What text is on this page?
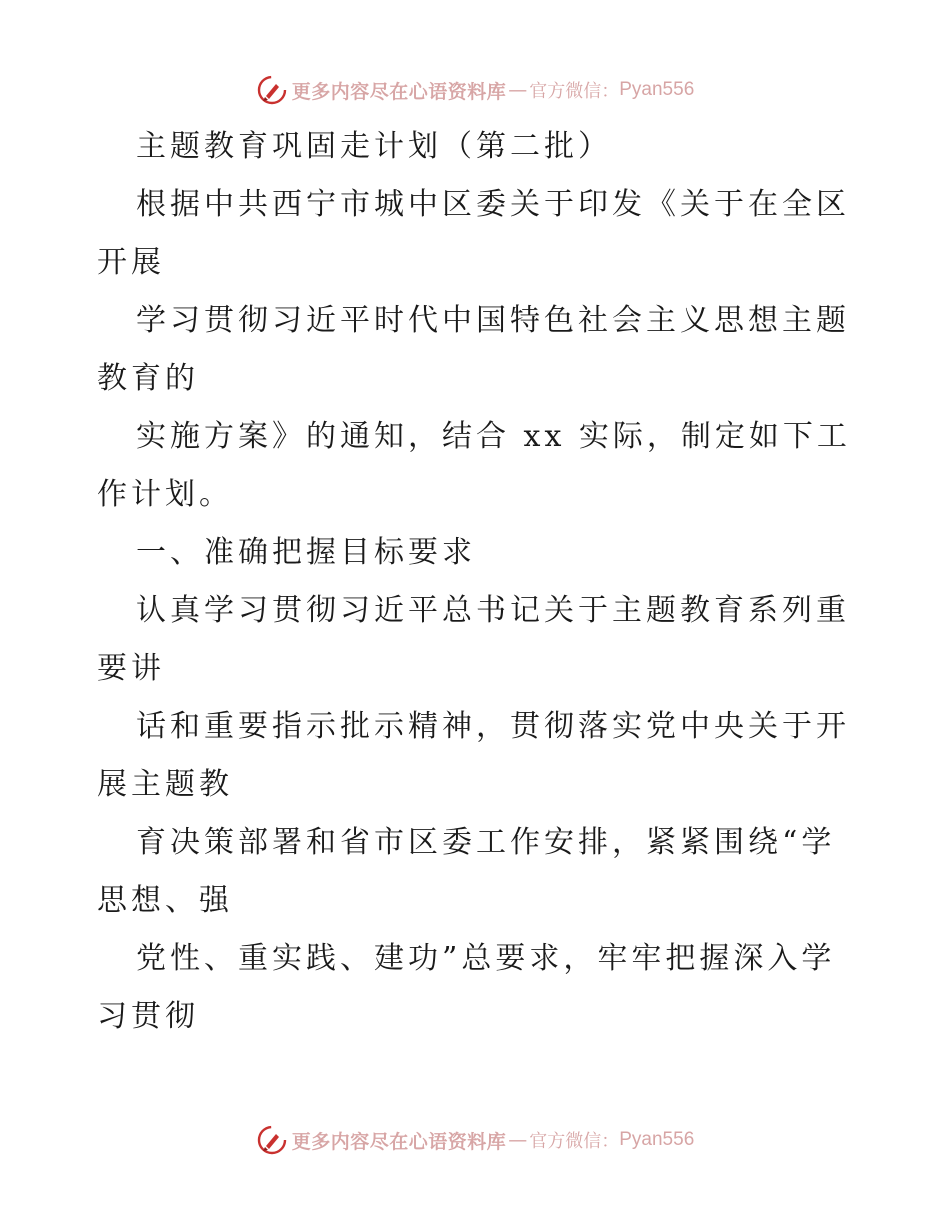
更多内容尽在心语资料库 — 官方微信： Pyan556
主题教育巩固走计划（第二批）
根据中共西宁市城中区委关于印发《关于在全区
开展
学习贯彻习近平时代中国特色社会主义思想主题
教育的
实施方案》的通知，结合 xx 实际，制定如下工
作计划。
一、准确把握目标要求
认真学习贯彻习近平总书记关于主题教育系列重
要讲
话和重要指示批示精神，贯彻落实党中央关于开
展主题教
育决策部署和省市区委工作安排，紧紧围绕“学
思想、强
党性、重实践、建功”总要求，牢牢把握深入学
习贯彻
更多内容尽在心语资料库 — 官方微信： Pyan556
